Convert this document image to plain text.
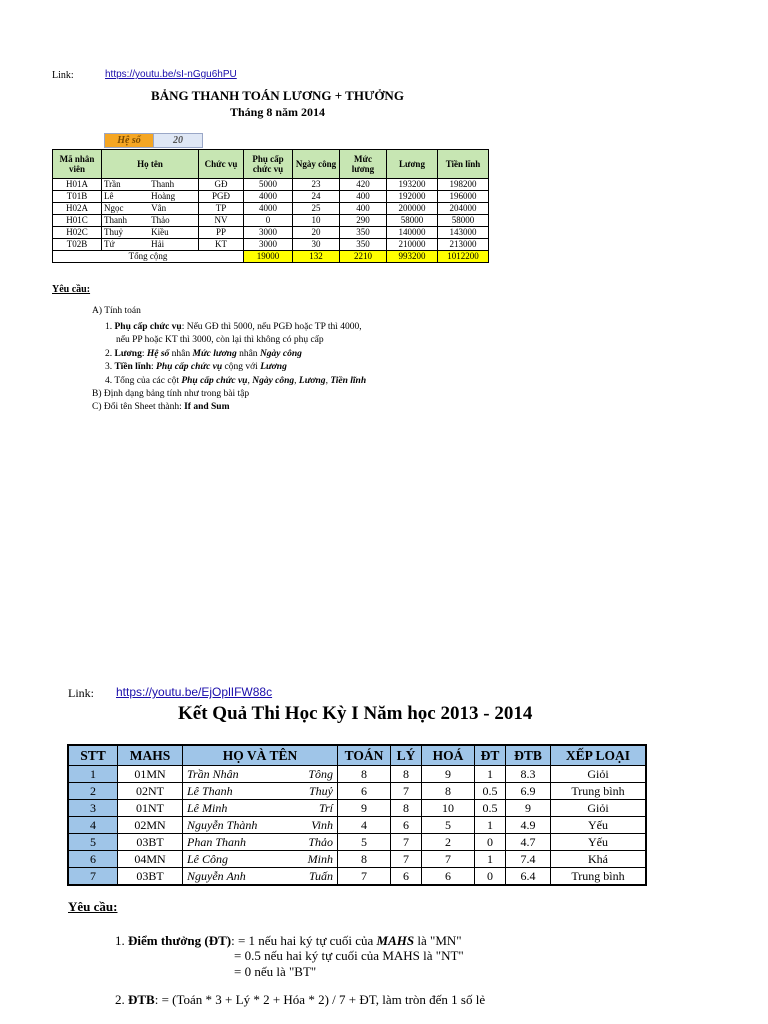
Link:	https://youtu.be/sI-nGgu6hPU
BẢNG THANH TOÁN LƯƠNG + THƯỞNG
Tháng 8 năm 2014
Hệ số	20
Mã nhân viên	Họ tên		Chức vụ	Phụ cấp chức vụ	Ngày công	Mức lương	Lương	Tiền lĩnh
H01A	Trần	Thanh	GĐ	5000	23	420	193200	198200
T01B	Lê	Hoàng	PGĐ	4000	24	400	192000	196000
H02A	Ngọc	Vân	TP	4000	25	400	200000	204000
H01C	Thanh	Thảo	NV	0	10	290	58000	58000
H02C	Thuỷ	Kiều	PP	3000	20	350	140000	143000
T02B	Tứ	Hải	KT	3000	30	350	210000	213000
Tổng cộng				19000	132	2210	993200	1012200
Yêu cầu:
A) Tính toán
1. Phụ cấp chức vụ: Nếu GĐ thì 5000, nếu PGĐ hoặc TP thì 4000,
nếu PP hoặc KT thì 3000, còn lại thì không có phụ cấp
2. Lương: Hệ số nhân Mức lương nhân Ngày công
3. Tiền lĩnh: Phụ cấp chức vụ cộng với Lương
4. Tổng của các cột Phụ cấp chức vụ, Ngày công, Lương, Tiền lĩnh
B) Định dạng bảng tính như trong bài tập
C) Đổi tên Sheet thành: If and Sum
Link: https://youtu.be/EjOplIFW88c
Kết Quả Thi Học Kỳ I Năm học 2013 - 2014
STT	MAHS	HỌ VÀ TÊN		TOÁN	LÝ	HOÁ	ĐT	ĐTB	XẾP LOẠI
1	01MN	Trần Nhân	Tông	8	8	9	1	8.3	Giỏi
2	02NT	Lê Thanh	Thuỷ	6	7	8	0.5	6.9	Trung bình
3	01NT	Lê Minh	Trí	9	8	10	0.5	9	Giỏi
4	02MN	Nguyễn Thành	Vinh	4	6	5	1	4.9	Yếu
5	03BT	Phan Thanh	Thảo	5	7	2	0	4.7	Yếu
6	04MN	Lê Công	Minh	8	7	7	1	7.4	Khá
7	03BT	Nguyễn Anh	Tuấn	7	6	6	0	6.4	Trung bình
Yêu cầu:
1. Điểm thưởng (ĐT): = 1 nếu hai ký tự cuối của MAHS là "MN"
= 0.5 nếu hai ký tự cuối của MAHS là "NT"
= 0 nếu là "BT"
2. ĐTB: = (Toán * 3 + Lý * 2 + Hóa * 2) / 7 + ĐT, làm tròn đến 1 số lẻ
